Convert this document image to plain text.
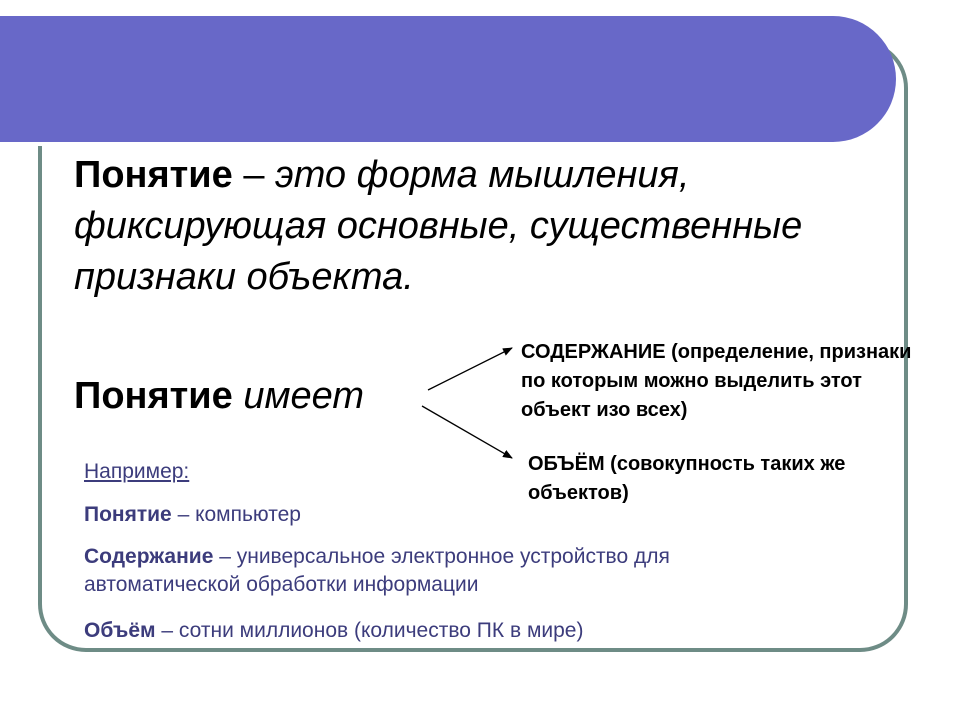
Понятие – это форма мышления, фиксирующая основные, существенные признаки объекта.

Понятие имеет

СОДЕРЖАНИЕ (определение, признаки по которым можно выделить этот объект изо всех)

ОБЪЁМ (совокупность таких же
объектов)

Например:

Понятие – компьютер

Содержание – универсальное электронное устройство для автоматической обработки информации

Объём – сотни миллионов (количество ПК в мире)
